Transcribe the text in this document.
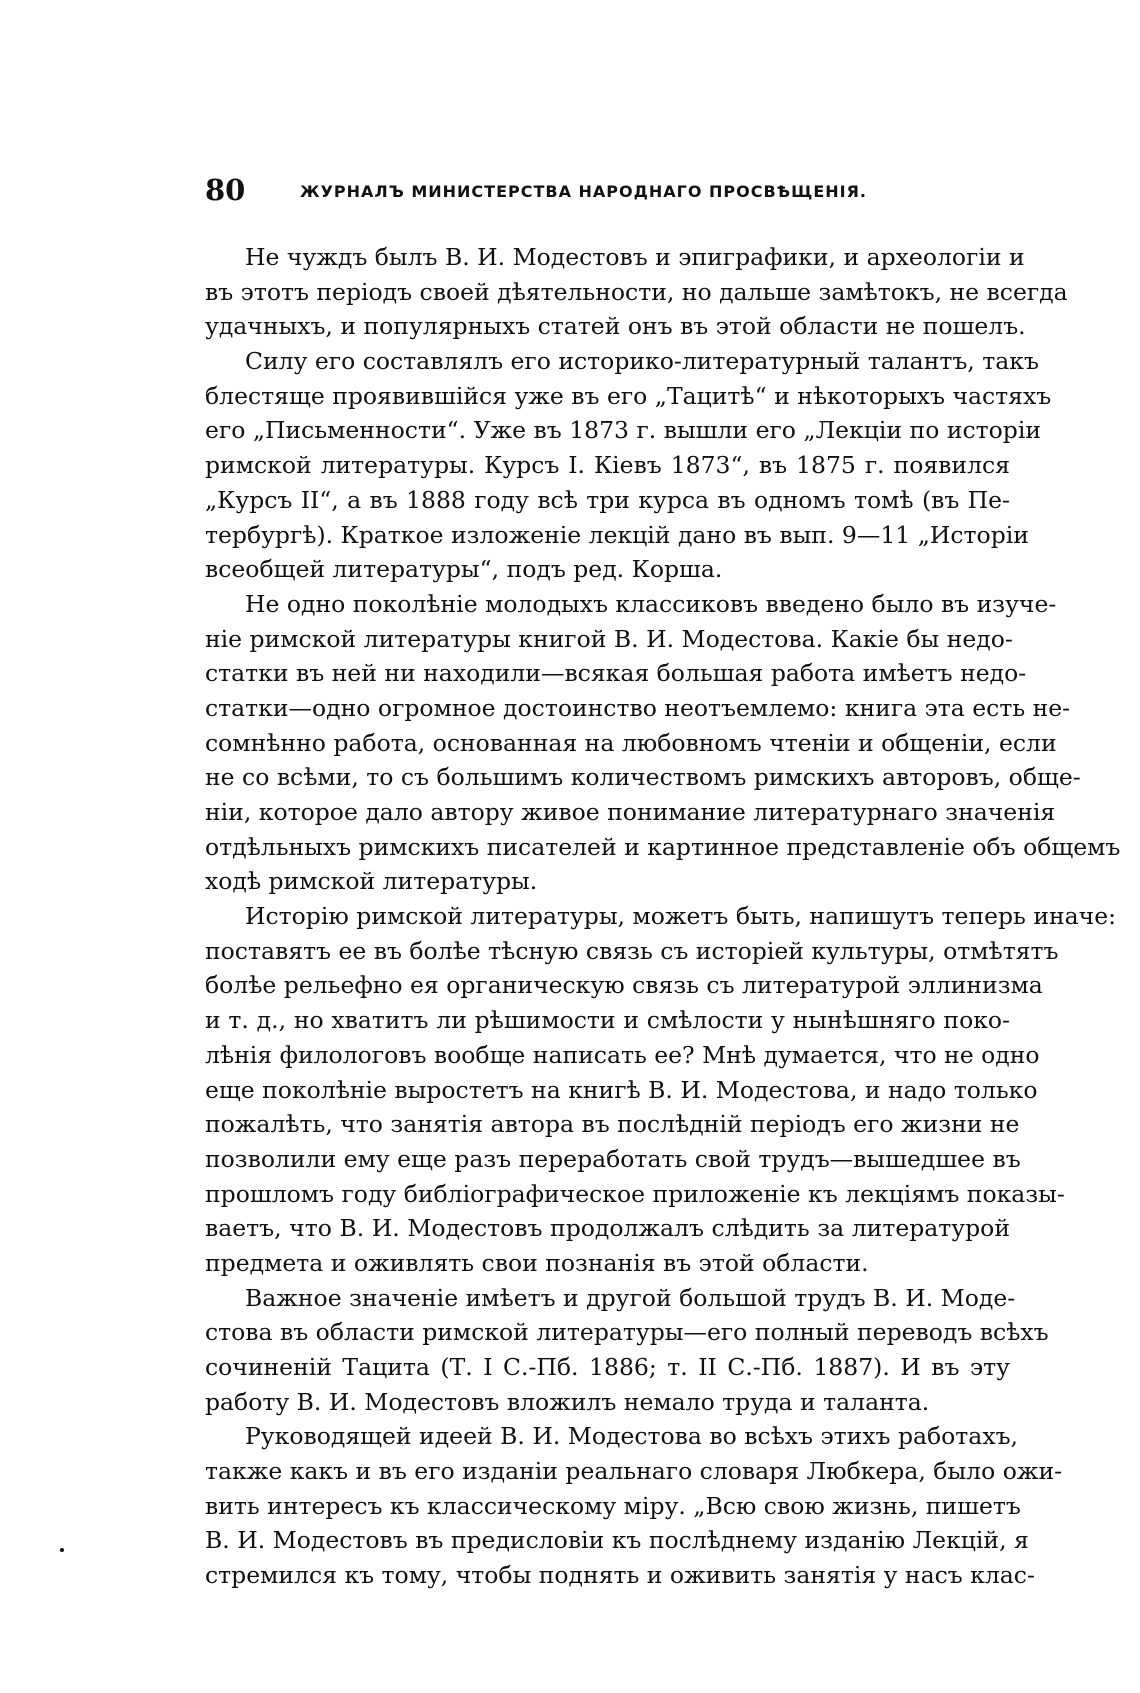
80	ЖУРНАЛЪ МИНИСТЕРСТВА НАРОДНАГО ПРОСВѢЩЕНІЯ.
Не чуждъ былъ В. И. Модестовъ и эпиграфики, и археологіи и
въ этотъ періодъ своей дѣятельности, но дальше замѣтокъ, не всегда
удачныхъ, и популярныхъ статей онъ въ этой области не пошелъ.
Силу его составлялъ его историко-литературный талантъ, такъ
блестяще проявившійся уже въ его „Тацитѣ“ и нѣкоторыхъ частяхъ
его „Письменности“. Уже въ 1873 г. вышли его „Лекціи по исторіи
римской литературы. Курсъ I. Кіевъ 1873“, въ 1875 г. появился
„Курсъ II“, а въ 1888 году всѣ три курса въ одномъ томѣ (въ Пе-
тербургѣ). Краткое изложеніе лекцій дано въ вып. 9—11 „Исторіи
всеобщей литературы“, подъ ред. Корша.
Не одно поколѣніе молодыхъ классиковъ введено было въ изуче-
ніе римской литературы книгой В. И. Модестова. Какіе бы недо-
статки въ ней ни находили—всякая большая работа имѣетъ недо-
статки—одно огромное достоинство неотъемлемо: книга эта есть не-
сомнѣнно работа, основанная на любовномъ чтеніи и общеніи, если
не со всѣми, то съ большимъ количествомъ римскихъ авторовъ, обще-
ніи, которое дало автору живое понимание литературнаго значенія
отдѣльныхъ римскихъ писателей и картинное представленіе объ общемъ
ходѣ римской литературы.
Исторію римской литературы, можетъ быть, напишутъ теперь иначе:
поставятъ ее въ болѣе тѣсную связь съ исторіей культуры, отмѣтятъ
болѣе рельефно ея органическую связь съ литературой эллинизма
и т. д., но хватитъ ли рѣшимости и смѣлости у нынѣшняго поко-
лѣнія филологовъ вообще написать ее? Мнѣ думается, что не одно
еще поколѣніе выростетъ на книгѣ В. И. Модестова, и надо только
пожалѣть, что занятія автора въ послѣдній періодъ его жизни не
позволили ему еще разъ переработать свой трудъ—вышедшее въ
прошломъ году библіографическое приложеніе къ лекціямъ показы-
ваетъ, что В. И. Модестовъ продолжалъ слѣдить за литературой
предмета и оживлять свои познанія въ этой области.
Важное значеніе имѣетъ и другой большой трудъ В. И. Моде-
стова въ области римской литературы—его полный переводъ всѣхъ
сочиненій Тацита (Т. I С.-Пб. 1886; т. II С.-Пб. 1887). И въ эту
работу В. И. Модестовъ вложилъ немало труда и таланта.
Руководящей идеей В. И. Модестова во всѣхъ этихъ работахъ,
также какъ и въ его изданіи реальнаго словаря Любкера, было ожи-
вить интересъ къ классическому міру. „Всю свою жизнь, пишетъ
В. И. Модестовъ въ предисловіи къ послѣднему изданію Лекцій, я
стремился къ тому, чтобы поднять и оживить занятія у насъ клас-
